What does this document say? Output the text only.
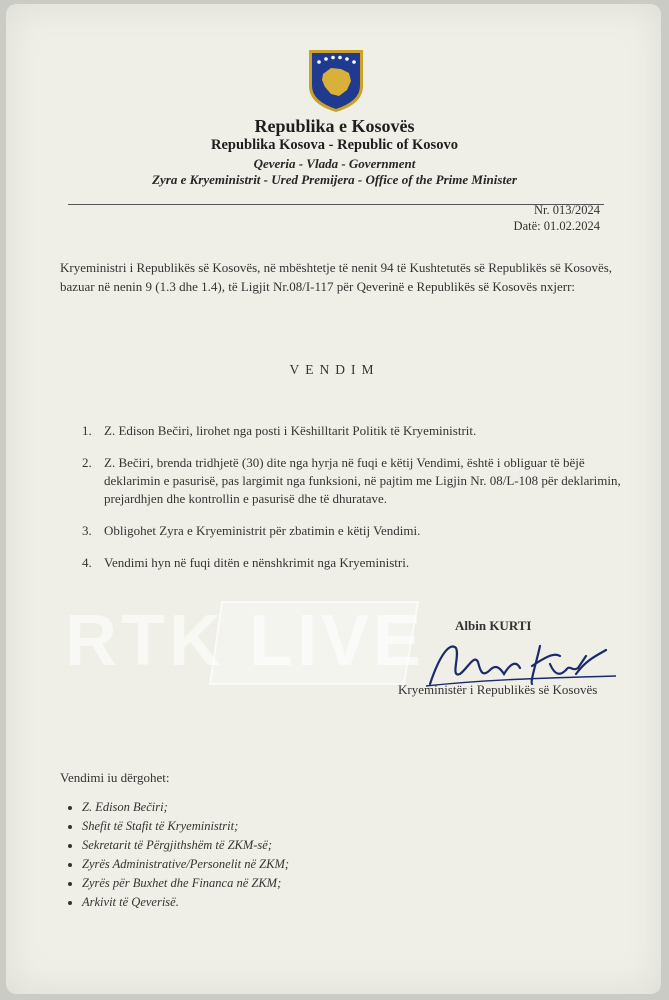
Republika e Kosovës
Republika Kosova - Republic of Kosovo
Qeveria - Vlada - Government
Zyra e Kryeministrit - Ured Premijera - Office of the Prime Minister
Nr. 013/2024
Datë: 01.02.2024
Kryeministri i Republikës së Kosovës, në mbështetje të nenit 94 të Kushtetutës së Republikës së Kosovës, bazuar në nenin 9 (1.3 dhe 1.4), të Ligjit Nr.08/I-117 për Qeverinë e Republikës së Kosovës nxjerr:
VENDIM
1. Z. Edison Bečiri, lirohet nga posti i Këshilltarit Politik të Kryeministrit.
2. Z. Bečiri, brenda tridhjetë (30) dite nga hyrja në fuqi e këtij Vendimi, është i obliguar të bëjë deklarimin e pasurisë, pas largimit nga funksioni, në pajtim me Ligjin Nr. 08/L-108 për deklarimin, prejardhjen dhe kontrollin e pasurisë dhe të dhuratave.
3. Obligohet Zyra e Kryeministrit për zbatimin e këtij Vendimi.
4. Vendimi hyn në fuqi ditën e nënshkrimit nga Kryeministri.
RTK LIVE Albin KURTI
Kryeministër i Republikës së Kosovës
Vendimi iu dërgohet:
• Z. Edison Bečiri;
• Shefit të Stafit të Kryeministrit;
• Sekretarit të Përgjithshëm të ZKM-së;
• Zyrës Administrative/Personelit në ZKM;
• Zyrës për Buxhet dhe Financa në ZKM;
• Arkivit të Qeverisë.
